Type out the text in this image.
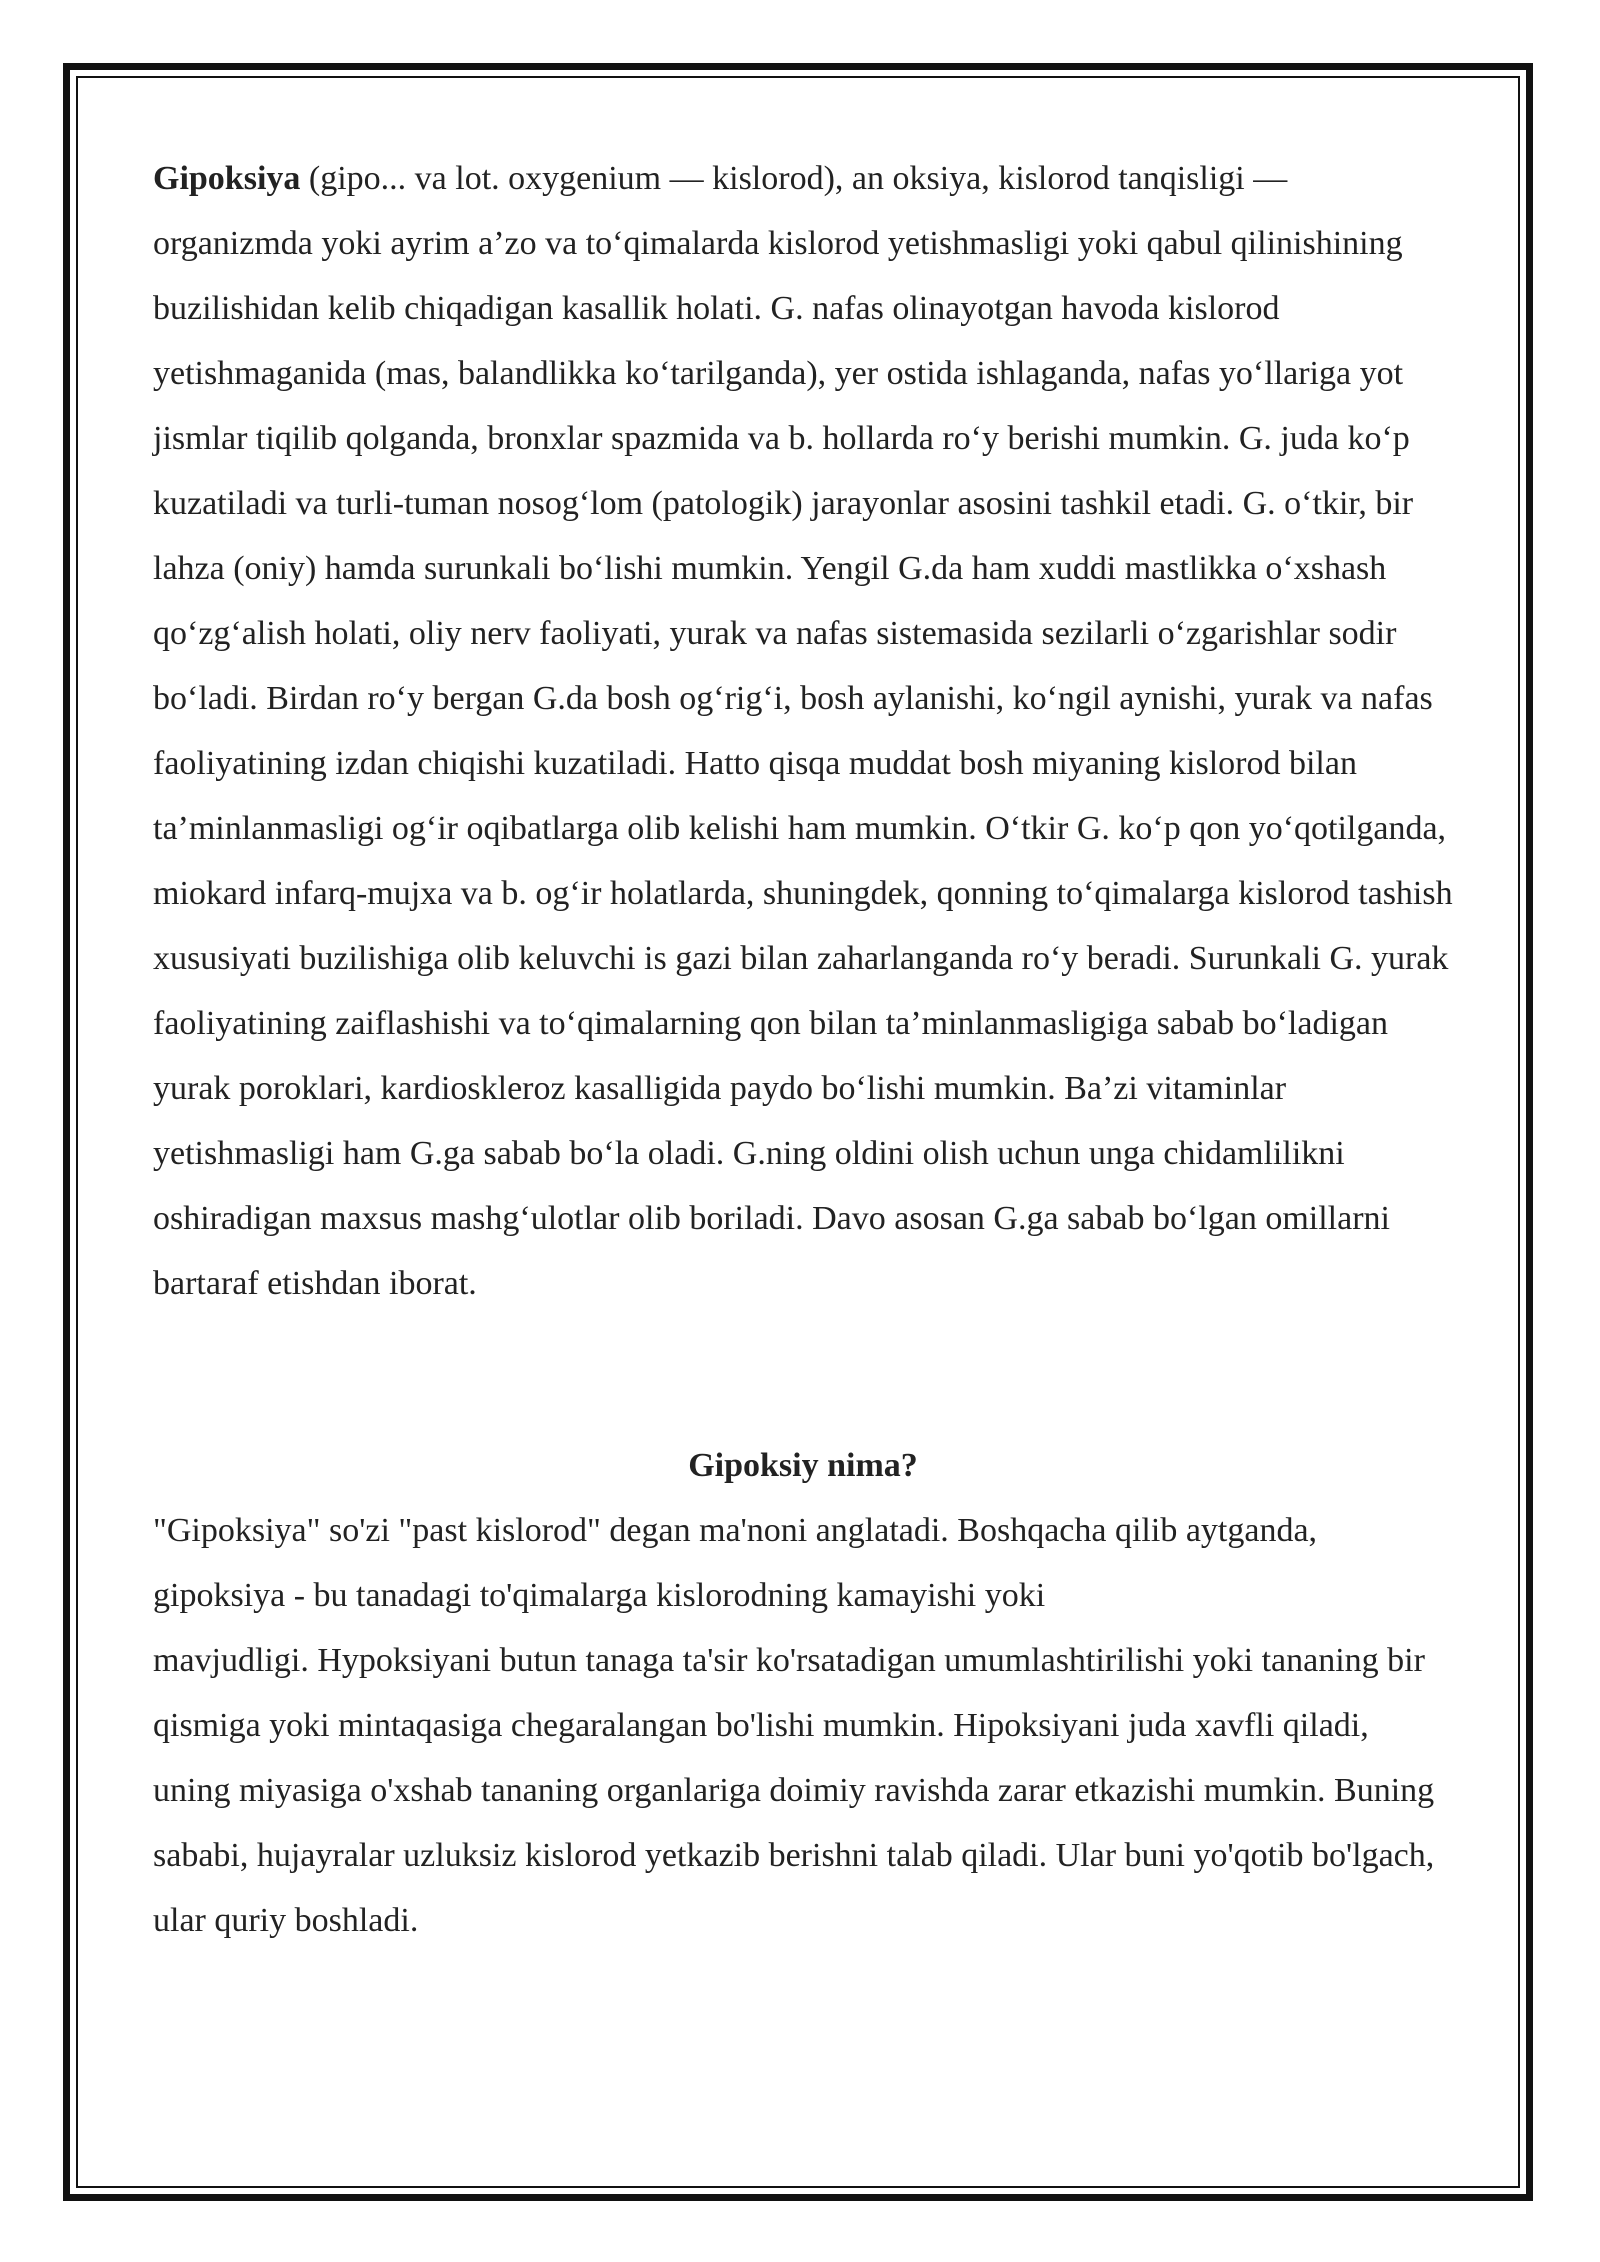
Gipoksiya (gipo... va lot. oxygenium — kislorod), an oksiya, kislorod tanqisligi — organizmda yoki ayrim a’zo va to‘qimalarda kislorod yetishmasligi yoki qabul qilinishining buzilishidan kelib chiqadigan kasallik holati. G. nafas olinayotgan havoda kislorod yetishmaganida (mas, balandlikka ko‘tarilganda), yer ostida ishlaganda, nafas yo‘llariga yot jismlar tiqilib qolganda, bronxlar spazmida va b. hollarda ro‘y berishi mumkin. G. juda ko‘p kuzatiladi va turli-tuman nosog‘lom (patologik) jarayonlar asosini tashkil etadi. G. o‘tkir, bir lahza (oniy) hamda surunkali bo‘lishi mumkin. Yengil G.da ham xuddi mastlikka o‘xshash qo‘zg‘alish holati, oliy nerv faoliyati, yurak va nafas sistemasida sezilarli o‘zgarishlar sodir bo‘ladi. Birdan ro‘y bergan G.da bosh og‘rig‘i, bosh aylanishi, ko‘ngil aynishi, yurak va nafas faoliyatining izdan chiqishi kuzatiladi. Hatto qisqa muddat bosh miyaning kislorod bilan ta’minlanmasligi og‘ir oqibatlarga olib kelishi ham mumkin. O‘tkir G. ko‘p qon yo‘qotilganda, miokard infarq-mujxa va b. og‘ir holatlarda, shuningdek, qonning to‘qimalarga kislorod tashish xususiyati buzilishiga olib keluvchi is gazi bilan zaharlanganda ro‘y beradi. Surunkali G. yurak faoliyatining zaiflashishi va to‘qimalarning qon bilan ta’minlanmasligiga sabab bo‘ladigan yurak poroklari, kardioskleroz kasalligida paydo bo‘lishi mumkin. Ba’zi vitaminlar yetishmasligi ham G.ga sabab bo‘la oladi. G.ning oldini olish uchun unga chidamlilikni oshiradigan maxsus mashg‘ulotlar olib boriladi. Davo asosan G.ga sabab bo‘lgan omillarni bartaraf etishdan iborat.

Gipoksiy nima?

"Gipoksiya" so'zi "past kislorod" degan ma'noni anglatadi. Boshqacha qilib aytganda, gipoksiya - bu tanadagi to'qimalarga kislorodning kamayishi yoki
mavjudligi. Hypoksiyani butun tanaga ta'sir ko'rsatadigan umumlashtirilishi yoki tananing bir qismiga yoki mintaqasiga chegaralangan bo'lishi mumkin. Hipoksiyani juda xavfli qiladi, uning miyasiga o'xshab tananing organlariga doimiy ravishda zarar etkazishi mumkin. Buning sababi, hujayralar uzluksiz kislorod yetkazib berishni talab qiladi. Ular buni yo'qotib bo'lgach, ular quriy boshladi.
